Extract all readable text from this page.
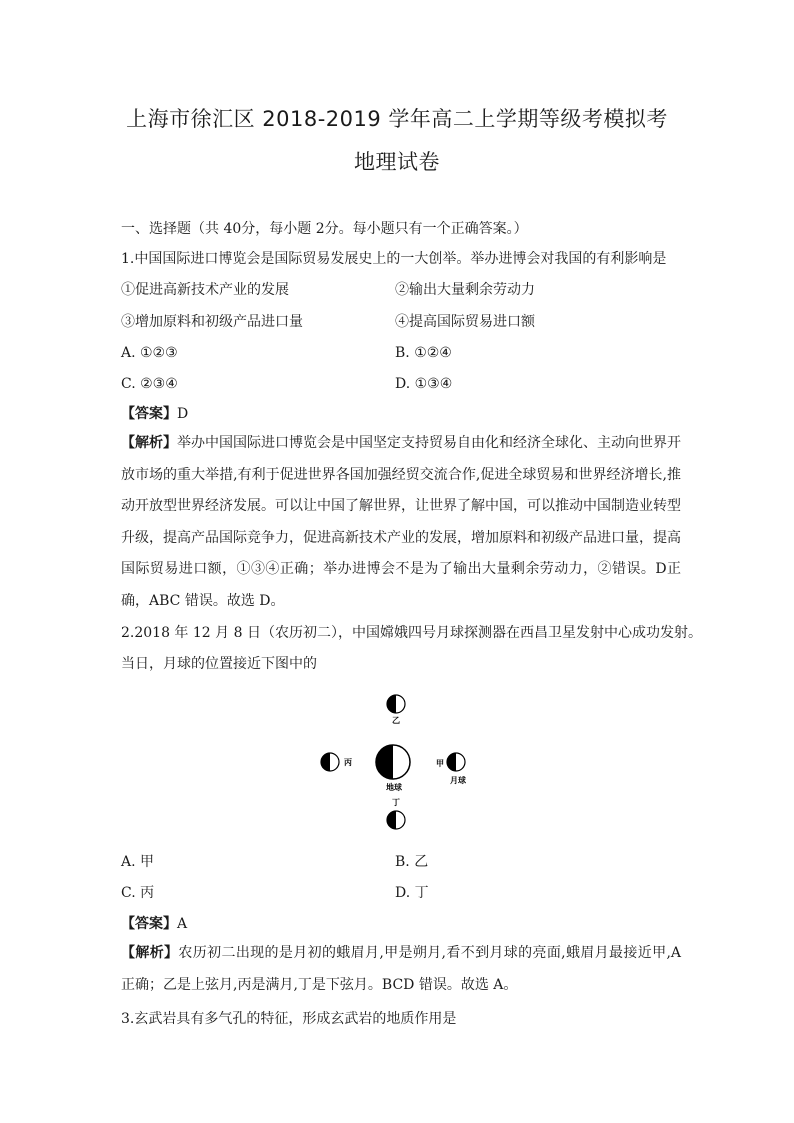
上海市徐汇区 2018-2019 学年高二上学期等级考模拟考
地理试卷
一、选择题（共 40分，每小题 2分。每小题只有一个正确答案。）
1.中国国际进口博览会是国际贸易发展史上的一大创举。举办进博会对我国的有利影响是
①促进高新技术产业的发展	②输出大量剩余劳动力
③增加原料和初级产品进口量	④提高国际贸易进口额
A. ①②③	B. ①②④
C. ②③④	D. ①③④
【答案】D
【解析】举办中国国际进口博览会是中国坚定支持贸易自由化和经济全球化、主动向世界开放市场的重大举措,有利于促进世界各国加强经贸交流合作,促进全球贸易和世界经济增长,推动开放型世界经济发展。可以让中国了解世界，让世界了解中国，可以推动中国制造业转型升级，提高产品国际竞争力，促进高新技术产业的发展，增加原料和初级产品进口量，提高国际贸易进口额，①③④正确；举办进博会不是为了输出大量剩余劳动力，②错误。D正确，ABC 错误。故选 D。
2.2018 年 12 月 8 日（农历初二），中国嫦娥四号月球探测器在西昌卫星发射中心成功发射。
当日，月球的位置接近下图中的
乙
丙
地球
甲
月球
丁
A. 甲	B. 乙
C. 丙	D. 丁
【答案】A
【解析】农历初二出现的是月初的蛾眉月,甲是朔月,看不到月球的亮面,蛾眉月最接近甲,A 正确；乙是上弦月,丙是满月,丁是下弦月。BCD 错误。故选 A。
3.玄武岩具有多气孔的特征，形成玄武岩的地质作用是
